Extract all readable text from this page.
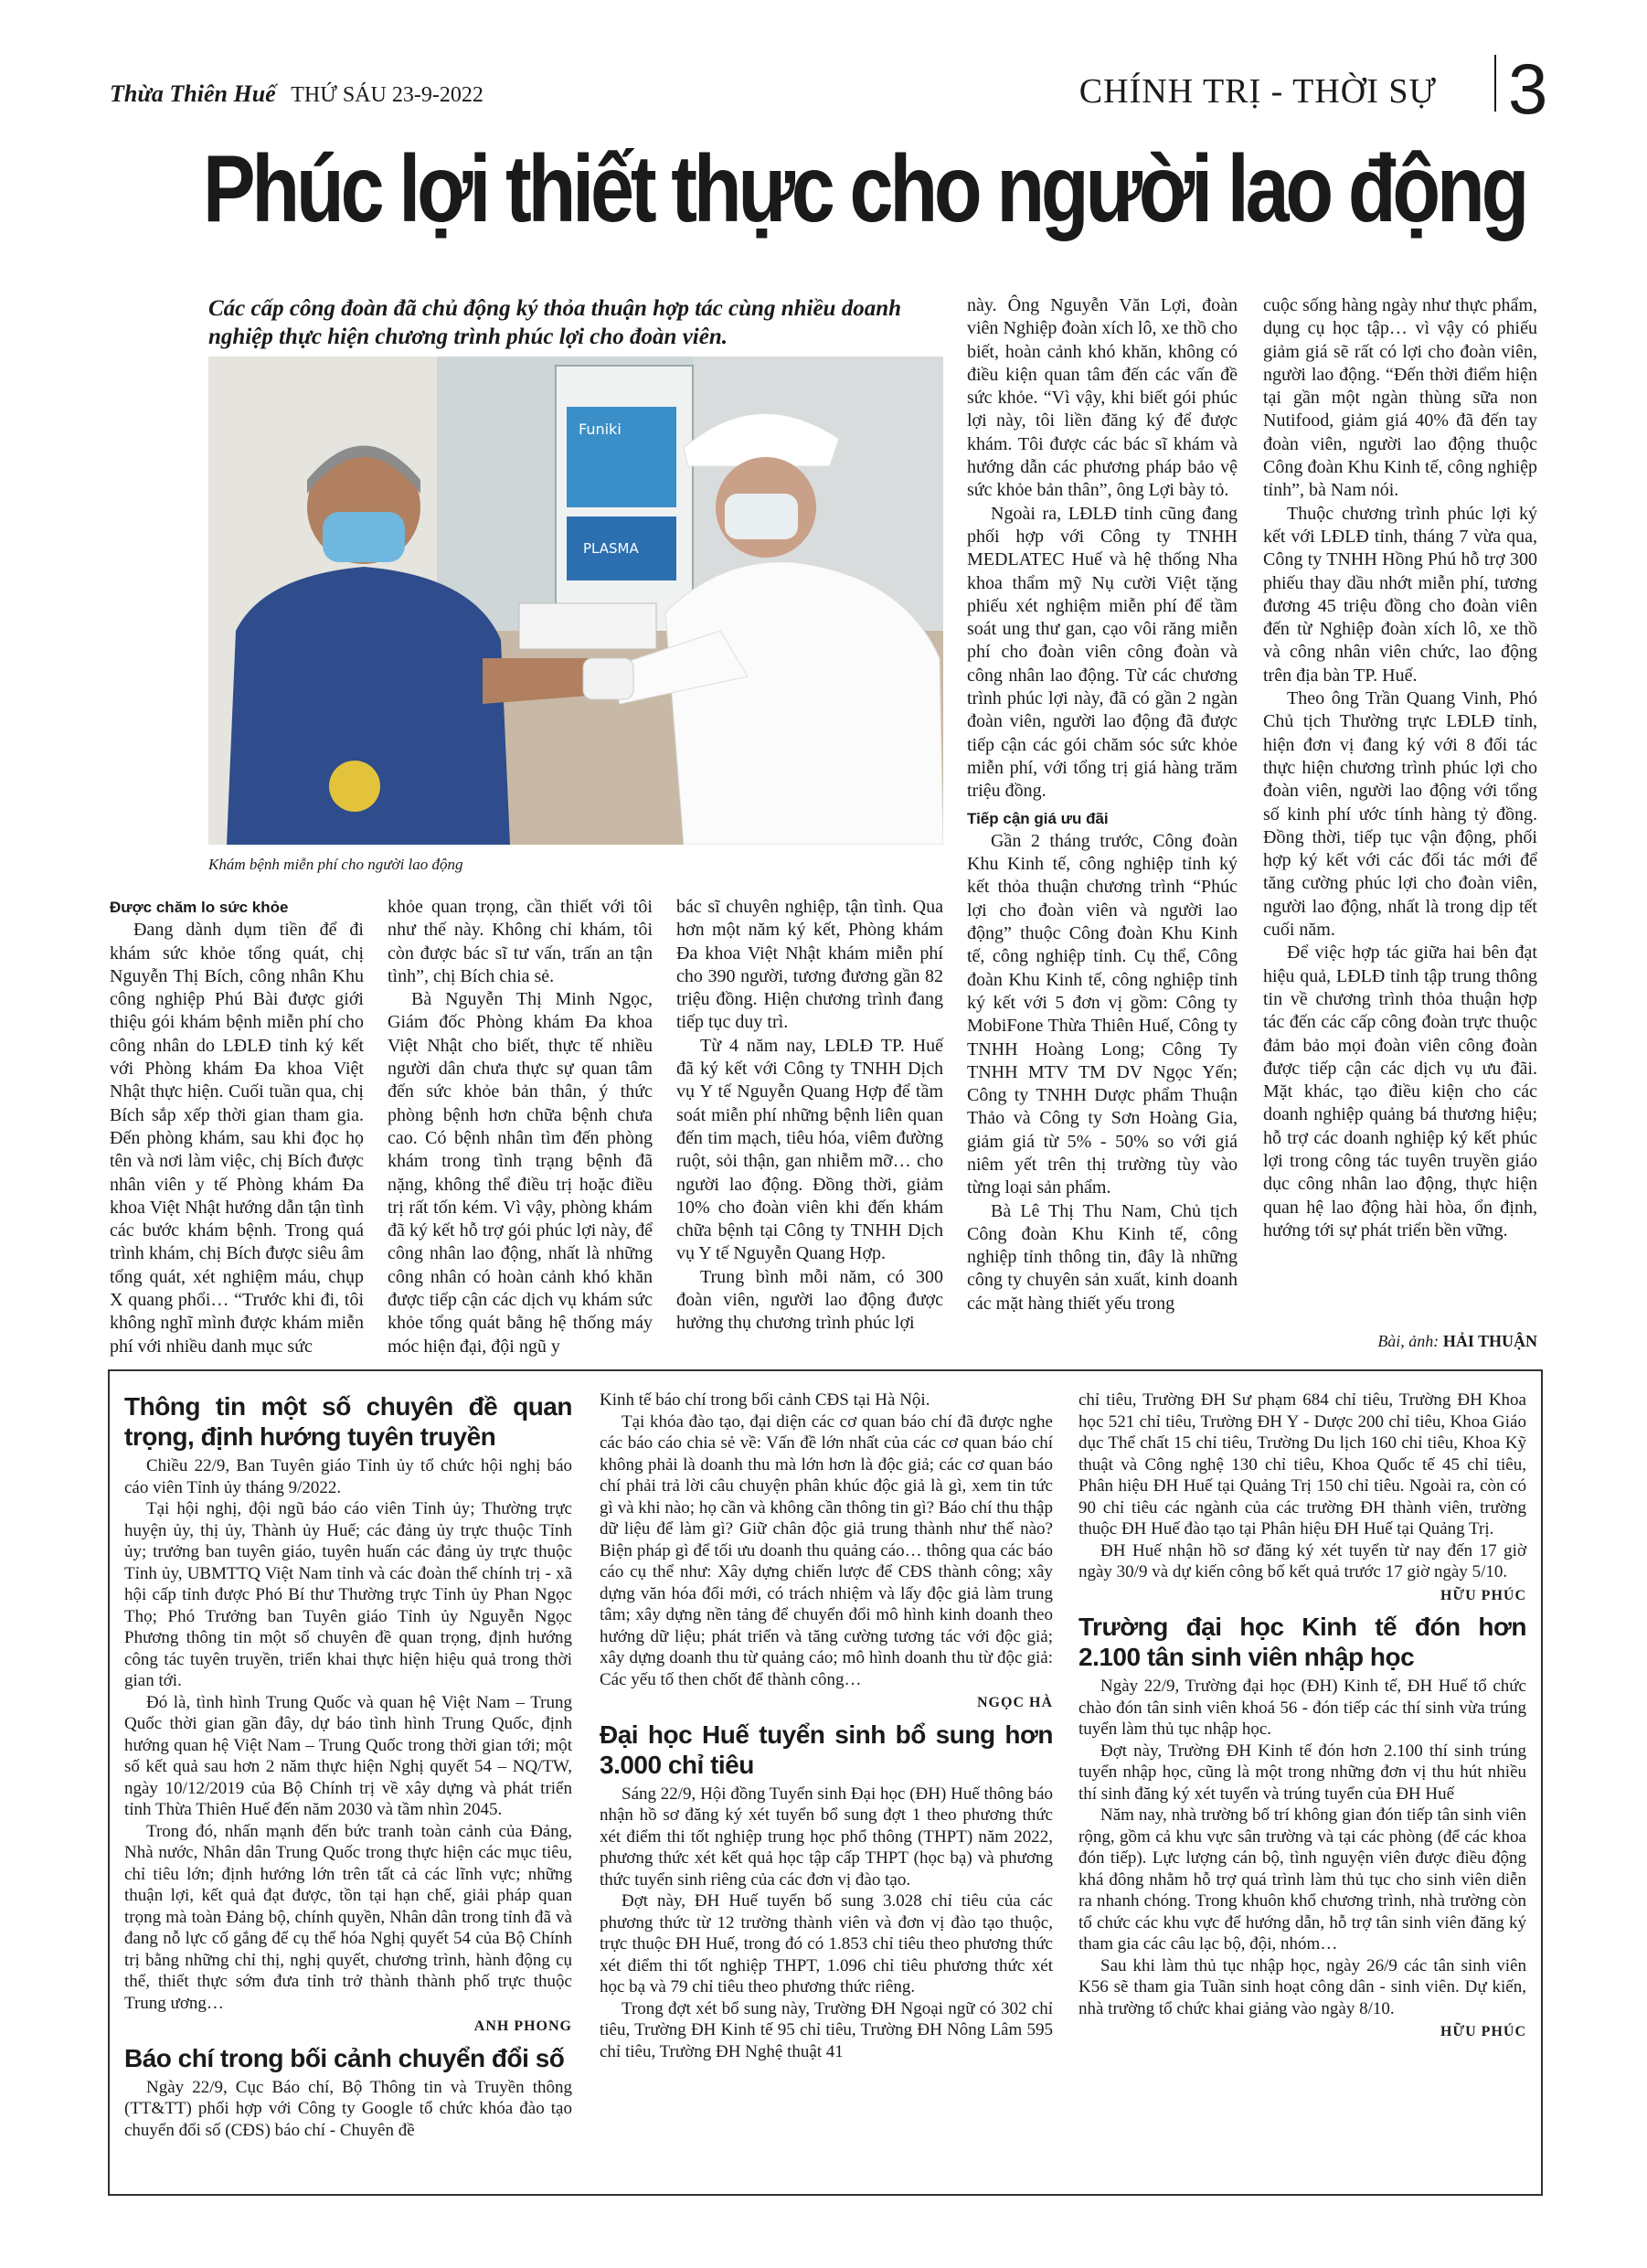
Thừa Thiên Huế THỨ SÁU 23-9-2022	CHÍNH TRỊ - THỜI SỰ 3
Phúc lợi thiết thực cho người lao động
Các cấp công đoàn đã chủ động ký thỏa thuận hợp tác cùng nhiều doanh nghiệp thực hiện chương trình phúc lợi cho đoàn viên.
Funiki
PLASMA
Khám bệnh miễn phí cho người lao động

Được chăm lo sức khỏe

Đang dành dụm tiền để đi khám sức khỏe tổng quát, chị Nguyễn Thị Bích, công nhân Khu công nghiệp Phú Bài được giới thiệu gói khám bệnh miễn phí cho công nhân do LĐLĐ tỉnh ký kết với Phòng khám Đa khoa Việt Nhật thực hiện. Cuối tuần qua, chị Bích sắp xếp thời gian tham gia. Đến phòng khám, sau khi đọc họ tên và nơi làm việc, chị Bích được nhân viên y tế Phòng khám Đa khoa Việt Nhật hướng dẫn tận tình các bước khám bệnh. Trong quá trình khám, chị Bích được siêu âm tổng quát, xét nghiệm máu, chụp X quang phổi… “Trước khi đi, tôi không nghĩ mình được khám miễn phí với nhiều danh mục sức

khỏe quan trọng, cần thiết với tôi như thế này. Không chỉ khám, tôi còn được bác sĩ tư vấn, trấn an tận tình”, chị Bích chia sẻ.

Bà Nguyễn Thị Minh Ngọc, Giám đốc Phòng khám Đa khoa Việt Nhật cho biết, thực tế nhiều người dân chưa thực sự quan tâm đến sức khỏe bản thân, ý thức phòng bệnh hơn chữa bệnh chưa cao. Có bệnh nhân tìm đến phòng khám trong tình trạng bệnh đã nặng, không thể điều trị hoặc điều trị rất tốn kém. Vì vậy, phòng khám đã ký kết hỗ trợ gói phúc lợi này, để công nhân lao động, nhất là những công nhân có hoàn cảnh khó khăn được tiếp cận các dịch vụ khám sức khỏe tổng quát bằng hệ thống máy móc hiện đại, đội ngũ y

bác sĩ chuyên nghiệp, tận tình. Qua hơn một năm ký kết, Phòng khám Đa khoa Việt Nhật khám miễn phí cho 390 người, tương đương gần 82 triệu đồng. Hiện chương trình đang tiếp tục duy trì.

Từ 4 năm nay, LĐLĐ TP. Huế đã ký kết với Công ty TNHH Dịch vụ Y tế Nguyễn Quang Hợp để tầm soát miễn phí những bệnh liên quan đến tim mạch, tiêu hóa, viêm đường ruột, sỏi thận, gan nhiễm mỡ… cho người lao động. Đồng thời, giảm 10% cho đoàn viên khi đến khám chữa bệnh tại Công ty TNHH Dịch vụ Y tế Nguyễn Quang Hợp.

Trung bình mỗi năm, có 300 đoàn viên, người lao động được hưởng thụ chương trình phúc lợi

này. Ông Nguyễn Văn Lợi, đoàn viên Nghiệp đoàn xích lô, xe thồ cho biết, hoàn cảnh khó khăn, không có điều kiện quan tâm đến các vấn đề sức khỏe. “Vì vậy, khi biết gói phúc lợi này, tôi liền đăng ký để được khám. Tôi được các bác sĩ khám và hướng dẫn các phương pháp bảo vệ sức khỏe bản thân”, ông Lợi bày tỏ.

Ngoài ra, LĐLĐ tỉnh cũng đang phối hợp với Công ty TNHH MEDLATEC Huế và hệ thống Nha khoa thẩm mỹ Nụ cười Việt tặng phiếu xét nghiệm miễn phí để tầm soát ung thư gan, cạo vôi răng miễn phí cho đoàn viên công đoàn và công nhân lao động. Từ các chương trình phúc lợi này, đã có gần 2 ngàn đoàn viên, người lao động đã được tiếp cận các gói chăm sóc sức khỏe miễn phí, với tổng trị giá hàng trăm triệu đồng.

Tiếp cận giá ưu đãi

Gần 2 tháng trước, Công đoàn Khu Kinh tế, công nghiệp tỉnh ký kết thỏa thuận chương trình “Phúc lợi cho đoàn viên và người lao động” thuộc Công đoàn Khu Kinh tế, công nghiệp tỉnh. Cụ thể, Công đoàn Khu Kinh tế, công nghiệp tỉnh ký kết với 5 đơn vị gồm: Công ty MobiFone Thừa Thiên Huế, Công ty TNHH Hoàng Long; Công Ty TNHH MTV TM DV Ngọc Yến; Công ty TNHH Dược phẩm Thuận Thảo và Công ty Sơn Hoàng Gia, giảm giá từ 5% - 50% so với giá niêm yết trên thị trường tùy vào từng loại sản phẩm.

Bà Lê Thị Thu Nam, Chủ tịch Công đoàn Khu Kinh tế, công nghiệp tỉnh thông tin, đây là những công ty chuyên sản xuất, kinh doanh các mặt hàng thiết yếu trong

cuộc sống hàng ngày như thực phẩm, dụng cụ học tập… vì vậy có phiếu giảm giá sẽ rất có lợi cho đoàn viên, người lao động. “Đến thời điểm hiện tại gần một ngàn thùng sữa non Nutifood, giảm giá 40% đã đến tay đoàn viên, người lao động thuộc Công đoàn Khu Kinh tế, công nghiệp tỉnh”, bà Nam nói.

Thuộc chương trình phúc lợi ký kết với LĐLĐ tỉnh, tháng 7 vừa qua, Công ty TNHH Hồng Phú hỗ trợ 300 phiếu thay dầu nhớt miễn phí, tương đương 45 triệu đồng cho đoàn viên đến từ Nghiệp đoàn xích lô, xe thồ và công nhân viên chức, lao động trên địa bàn TP. Huế.

Theo ông Trần Quang Vinh, Phó Chủ tịch Thường trực LĐLĐ tỉnh, hiện đơn vị đang ký với 8 đối tác thực hiện chương trình phúc lợi cho đoàn viên, người lao động với tổng số kinh phí ước tính hàng tỷ đồng. Đồng thời, tiếp tục vận động, phối hợp ký kết với các đối tác mới để tăng cường phúc lợi cho đoàn viên, người lao động, nhất là trong dịp tết cuối năm.

Để việc hợp tác giữa hai bên đạt hiệu quả, LĐLĐ tỉnh tập trung thông tin về chương trình thỏa thuận hợp tác đến các cấp công đoàn trực thuộc đảm bảo mọi đoàn viên công đoàn được tiếp cận các dịch vụ ưu đãi. Mặt khác, tạo điều kiện cho các doanh nghiệp quảng bá thương hiệu; hỗ trợ các doanh nghiệp ký kết phúc lợi trong công tác tuyên truyền giáo dục công nhân lao động, thực hiện quan hệ lao động hài hòa, ổn định, hướng tới sự phát triển bền vững.

Bài, ảnh: HẢI THUẬN
Thông tin một số chuyên đề quan trọng, định hướng tuyên truyền

Chiều 22/9, Ban Tuyên giáo Tỉnh ủy tổ chức hội nghị báo cáo viên Tỉnh ủy tháng 9/2022.

Tại hội nghị, đội ngũ báo cáo viên Tỉnh ủy; Thường trực huyện ủy, thị ủy, Thành ủy Huế; các đảng ủy trực thuộc Tỉnh ủy; trưởng ban tuyên giáo, tuyên huấn các đảng ủy trực thuộc Tỉnh ủy, UBMTTQ Việt Nam tỉnh và các đoàn thể chính trị - xã hội cấp tỉnh được Phó Bí thư Thường trực Tỉnh ủy Phan Ngọc Thọ; Phó Trưởng ban Tuyên giáo Tỉnh ủy Nguyễn Ngọc Phương thông tin một số chuyên đề quan trọng, định hướng công tác tuyên truyền, triển khai thực hiện hiệu quả trong thời gian tới.

Đó là, tình hình Trung Quốc và quan hệ Việt Nam – Trung Quốc thời gian gần đây, dự báo tình hình Trung Quốc, định hướng quan hệ Việt Nam – Trung Quốc trong thời gian tới; một số kết quả sau hơn 2 năm thực hiện Nghị quyết 54 – NQ/TW, ngày 10/12/2019 của Bộ Chính trị về xây dựng và phát triển tỉnh Thừa Thiên Huế đến năm 2030 và tầm nhìn 2045.

Trong đó, nhấn mạnh đến bức tranh toàn cảnh của Đảng, Nhà nước, Nhân dân Trung Quốc trong thực hiện các mục tiêu, chỉ tiêu lớn; định hướng lớn trên tất cả các lĩnh vực; những thuận lợi, kết quả đạt được, tồn tại hạn chế, giải pháp quan trọng mà toàn Đảng bộ, chính quyền, Nhân dân trong tỉnh đã và đang nỗ lực cố gắng để cụ thể hóa Nghị quyết 54 của Bộ Chính trị bằng những chỉ thị, nghị quyết, chương trình, hành động cụ thể, thiết thực sớm đưa tỉnh trở thành thành phố trực thuộc Trung ương…

ANH PHONG
Báo chí trong bối cảnh chuyển đổi số

Ngày 22/9, Cục Báo chí, Bộ Thông tin và Truyền thông (TT&TT) phối hợp với Công ty Google tổ chức khóa đào tạo chuyển đổi số (CĐS) báo chí - Chuyên đề

Kinh tế báo chí trong bối cảnh CĐS tại Hà Nội.

Tại khóa đào tạo, đại diện các cơ quan báo chí đã được nghe các báo cáo chia sẻ về: Vấn đề lớn nhất của các cơ quan báo chí không phải là doanh thu mà lớn hơn là độc giả; các cơ quan báo chí phải trả lời câu chuyện phân khúc độc giả là gì, xem tin tức gì và khi nào; họ cần và không cần thông tin gì? Báo chí thu thập dữ liệu để làm gì? Giữ chân độc giả trung thành như thế nào? Biện pháp gì để tối ưu doanh thu quảng cáo… thông qua các báo cáo cụ thể như: Xây dựng chiến lược để CĐS thành công; xây dựng văn hóa đổi mới, có trách nhiệm và lấy độc giả làm trung tâm; xây dựng nền tảng để chuyển đổi mô hình kinh doanh theo hướng dữ liệu; phát triển và tăng cường tương tác với độc giả; xây dựng doanh thu từ quảng cáo; mô hình doanh thu từ độc giả: Các yếu tố then chốt để thành công…

NGỌC HÀ
Đại học Huế tuyển sinh bổ sung hơn 3.000 chỉ tiêu

Sáng 22/9, Hội đồng Tuyển sinh Đại học (ĐH) Huế thông báo nhận hồ sơ đăng ký xét tuyển bổ sung đợt 1 theo phương thức xét điểm thi tốt nghiệp trung học phổ thông (THPT) năm 2022, phương thức xét kết quả học tập cấp THPT (học bạ) và phương thức tuyển sinh riêng của các đơn vị đào tạo.

Đợt này, ĐH Huế tuyển bổ sung 3.028 chỉ tiêu của các phương thức từ 12 trường thành viên và đơn vị đào tạo thuộc, trực thuộc ĐH Huế, trong đó có 1.853 chỉ tiêu theo phương thức xét điểm thi tốt nghiệp THPT, 1.096 chỉ tiêu phương thức xét học bạ và 79 chỉ tiêu theo phương thức riêng.

Trong đợt xét bổ sung này, Trường ĐH Ngoại ngữ có 302 chỉ tiêu, Trường ĐH Kinh tế 95 chỉ tiêu, Trường ĐH Nông Lâm 595 chỉ tiêu, Trường ĐH Nghệ thuật 41

chỉ tiêu, Trường ĐH Sư phạm 684 chỉ tiêu, Trường ĐH Khoa học 521 chỉ tiêu, Trường ĐH Y - Dược 200 chỉ tiêu, Khoa Giáo dục Thể chất 15 chỉ tiêu, Trường Du lịch 160 chỉ tiêu, Khoa Kỹ thuật và Công nghệ 130 chỉ tiêu, Khoa Quốc tế 45 chỉ tiêu, Phân hiệu ĐH Huế tại Quảng Trị 150 chỉ tiêu. Ngoài ra, còn có 90 chỉ tiêu các ngành của các trường ĐH thành viên, trường thuộc ĐH Huế đào tạo tại Phân hiệu ĐH Huế tại Quảng Trị.

ĐH Huế nhận hồ sơ đăng ký xét tuyển từ nay đến 17 giờ ngày 30/9 và dự kiến công bố kết quả trước 17 giờ ngày 5/10.

HỮU PHÚC
Trường đại học Kinh tế đón hơn 2.100 tân sinh viên nhập học

Ngày 22/9, Trường đại học (ĐH) Kinh tế, ĐH Huế tổ chức chào đón tân sinh viên khoá 56 - đón tiếp các thí sinh vừa trúng tuyển làm thủ tục nhập học.

Đợt này, Trường ĐH Kinh tế đón hơn 2.100 thí sinh trúng tuyển nhập học, cũng là một trong những đơn vị thu hút nhiều thí sinh đăng ký xét tuyển và trúng tuyển của ĐH Huế

Năm nay, nhà trường bố trí không gian đón tiếp tân sinh viên rộng, gồm cả khu vực sân trường và tại các phòng (để các khoa đón tiếp). Lực lượng cán bộ, tình nguyện viên được điều động khá đông nhằm hỗ trợ quá trình làm thủ tục cho sinh viên diễn ra nhanh chóng. Trong khuôn khổ chương trình, nhà trường còn tổ chức các khu vực để hướng dẫn, hỗ trợ tân sinh viên đăng ký tham gia các câu lạc bộ, đội, nhóm…

Sau khi làm thủ tục nhập học, ngày 26/9 các tân sinh viên K56 sẽ tham gia Tuần sinh hoạt công dân - sinh viên. Dự kiến, nhà trường tổ chức khai giảng vào ngày 8/10.

HỮU PHÚC
